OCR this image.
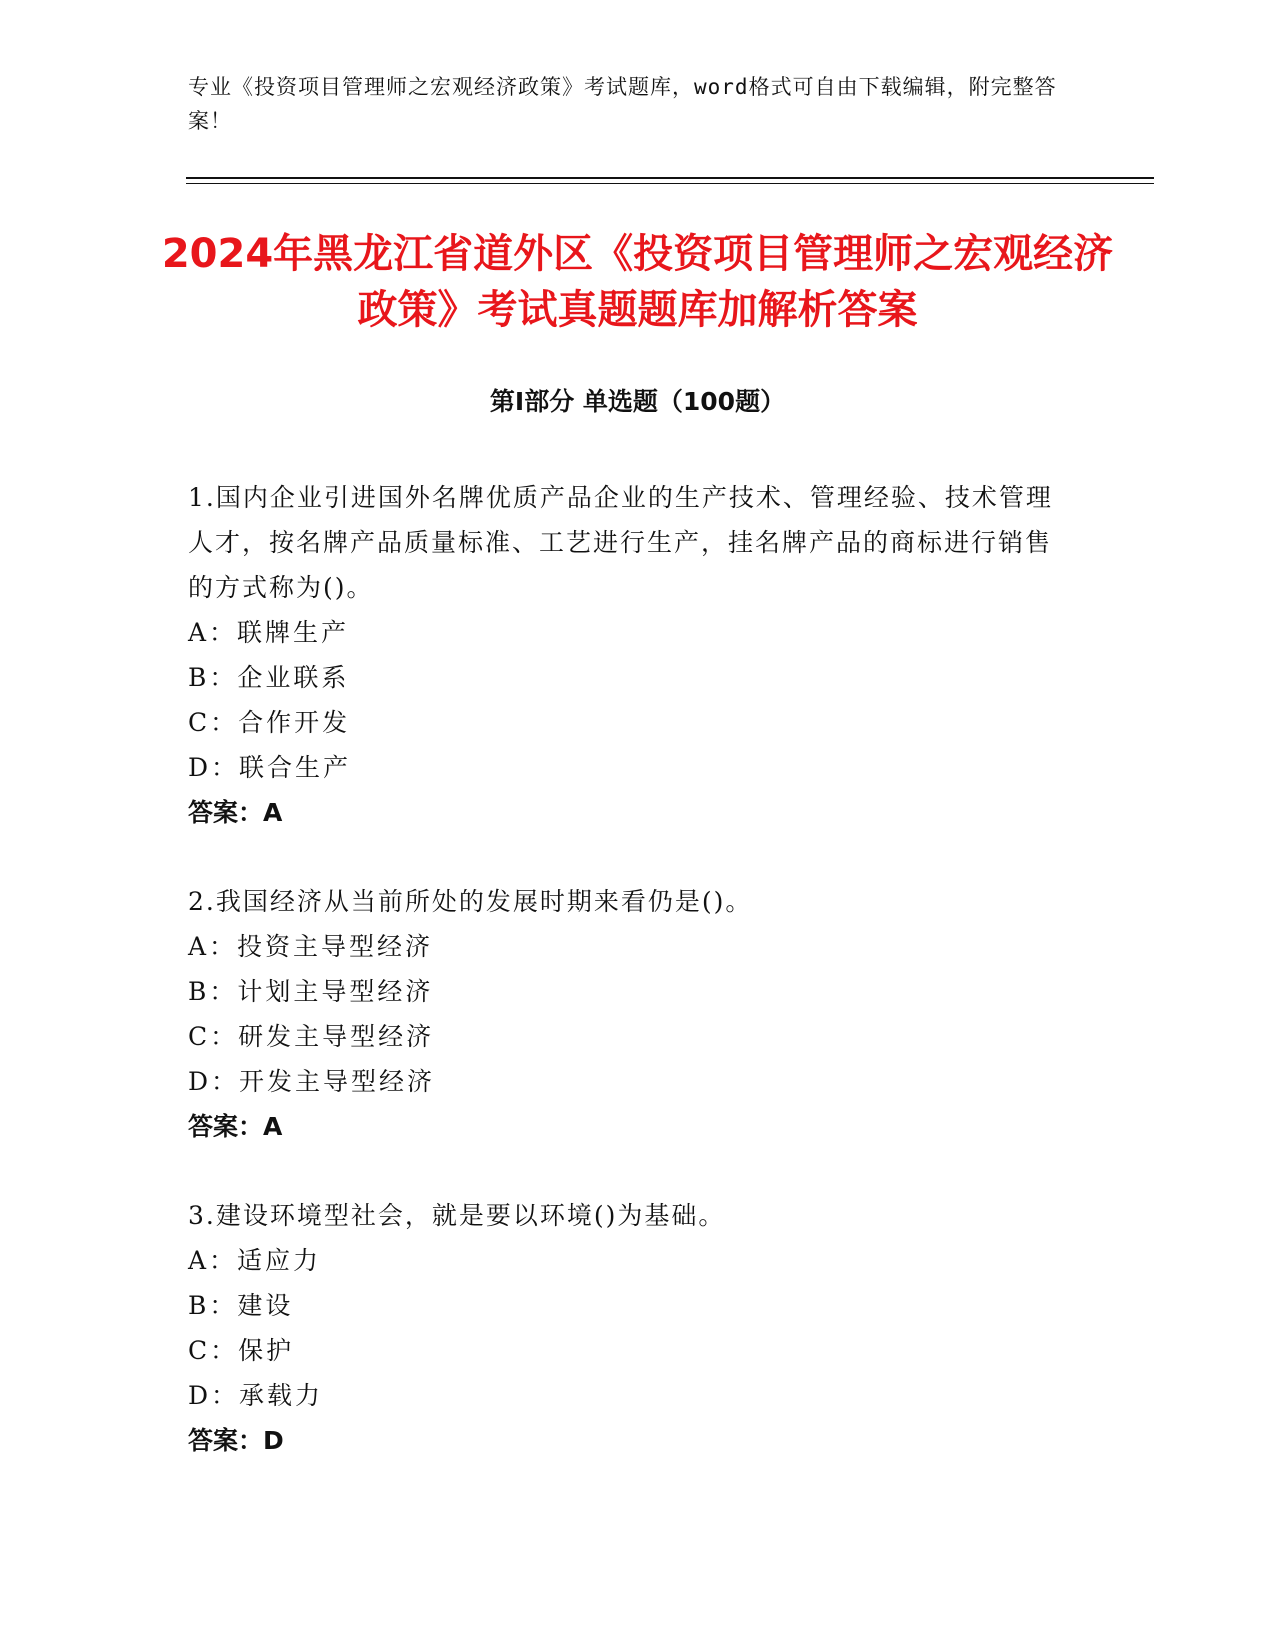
专业《投资项目管理师之宏观经济政策》考试题库，word格式可自由下载编辑，附完整答案！
2024年黑龙江省道外区《投资项目管理师之宏观经济政策》考试真题题库加解析答案
第I部分 单选题（100题）
1.国内企业引进国外名牌优质产品企业的生产技术、管理经验、技术管理人才，按名牌产品质量标准、工艺进行生产，挂名牌产品的商标进行销售的方式称为()。
A：联牌生产
B：企业联系
C：合作开发
D：联合生产
答案：A
2.我国经济从当前所处的发展时期来看仍是()。
A：投资主导型经济
B：计划主导型经济
C：研发主导型经济
D：开发主导型经济
答案：A
3.建设环境型社会，就是要以环境()为基础。
A：适应力
B：建设
C：保护
D：承载力
答案：D
